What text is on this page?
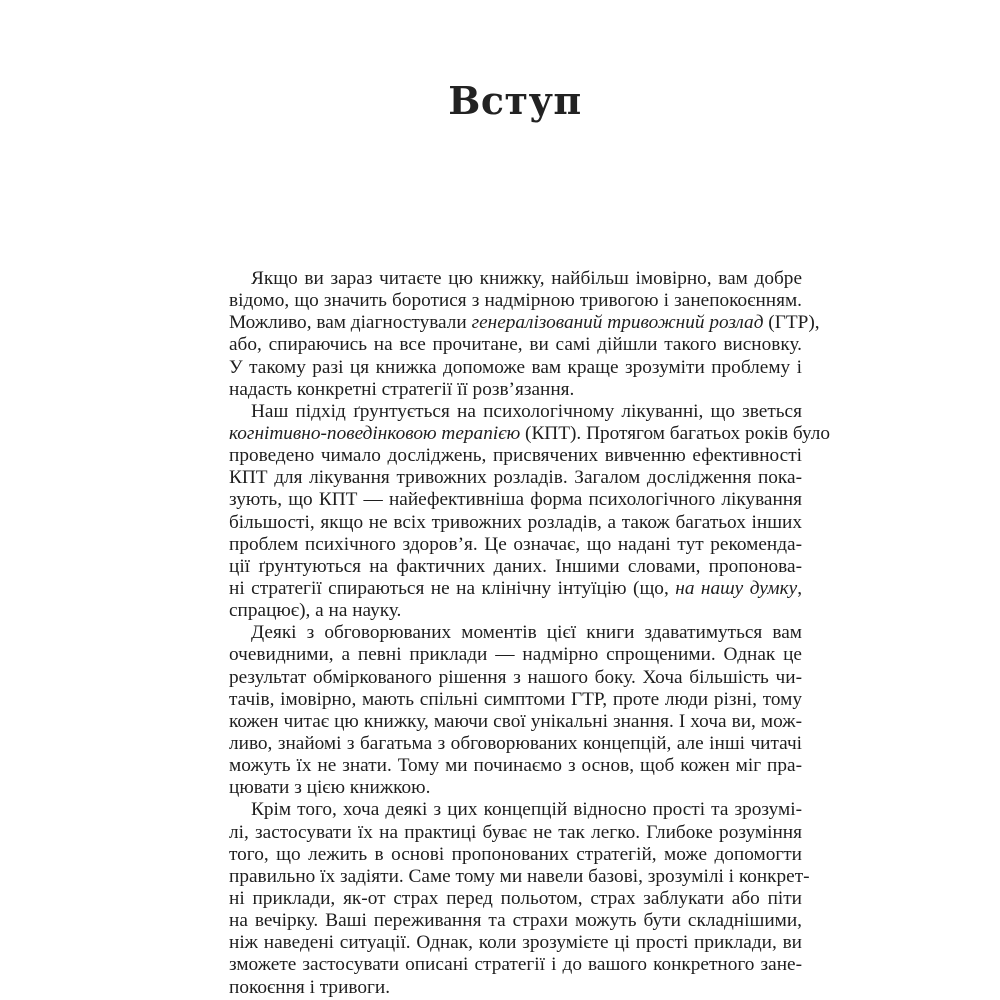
Вступ
Якщо ви зараз читаєте цю книжку, найбільш імовірно, вам добре
відомо, що значить боротися з надмірною тривогою і занепокоєнням.
Можливо, вам діагностували генералізований тривожний розлад (ГТР),
або, спираючись на все прочитане, ви самі дійшли такого висновку.
У такому разі ця книжка допоможе вам краще зрозуміти проблему і
надасть конкретні стратегії її розв’язання.
Наш підхід ґрунтується на психологічному лікуванні, що зветься
когнітивно-поведінковою терапією (КПТ). Протягом багатьох років було
проведено чимало досліджень, присвячених вивченню ефективності
КПТ для лікування тривожних розладів. Загалом дослідження пока-
зують, що КПТ — найефективніша форма психологічного лікування
більшості, якщо не всіх тривожних розладів, а також багатьох інших
проблем психічного здоров’я. Це означає, що надані тут рекоменда-
ції ґрунтуються на фактичних даних. Іншими словами, пропонова-
ні стратегії спираються не на клінічну інтуїцію (що, на нашу думку,
спрацює), а на науку.
Деякі з обговорюваних моментів цієї книги здаватимуться вам
очевидними, а певні приклади — надмірно спрощеними. Однак це
результат обміркованого рішення з нашого боку. Хоча більшість чи-
тачів, імовірно, мають спільні симптоми ГТР, проте люди різні, тому
кожен читає цю книжку, маючи свої унікальні знання. І хоча ви, мож-
ливо, знайомі з багатьма з обговорюваних концепцій, але інші читачі
можуть їх не знати. Тому ми починаємо з основ, щоб кожен міг пра-
цювати з цією книжкою.
Крім того, хоча деякі з цих концепцій відносно прості та зрозумі-
лі, застосувати їх на практиці буває не так легко. Глибоке розуміння
того, що лежить в основі пропонованих стратегій, може допомогти
правильно їх задіяти. Саме тому ми навели базові, зрозумілі і конкрет-
ні приклади, як-от страх перед польотом, страх заблукати або піти
на вечірку. Ваші переживання та страхи можуть бути складнішими,
ніж наведені ситуації. Однак, коли зрозумієте ці прості приклади, ви
зможете застосувати описані стратегії і до вашого конкретного зане-
покоєння і тривоги.
